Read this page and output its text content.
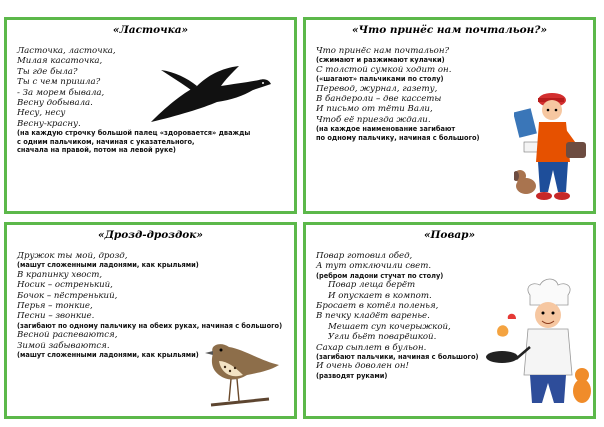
«Ласточка»
Ласточка, ласточка,
Милая касаточка,
Ты где была?
Ты с чем пришла?
- За морем бывала,
Весну добывала.
Несу, несу
Весну-красну.
(на каждую строчку большой палец «здоровается» дважды
с одним пальчиком, начиная с указательного,
сначала на правой, потом на левой руке)
«Что принёс нам почтальон?»
Что принёс нам почтальон?
(сжимают и разжимают кулачки)
С толстой сумкой ходит он.
(«шагают» пальчиками по столу)
Перевод, журнал, газету,
В бандероли – две кассеты
И письмо от тёти Вали,
Чтоб её приезда ждали.
(на каждое наименование загибают
по одному пальчику, начиная с большого)
«Дрозд-дроздок»
Дружок ты мой, дрозд,
(машут сложенными ладонями, как крыльями)
В крапинку хвост,
Носик – остренький,
Бочок – пёстренький,
Перья – тонкие,
Песни – звонкие.
(загибают по одному пальчику на обеих руках, начиная с большого)
Весной распеваются,
Зимой забываются.
(машут сложенными ладонями, как крыльями)
«Повар»
Повар готовил обед,
А тут отключили свет.
(ребром ладони стучат по столу)
Повар леща берёт
И опускает в компот.
Бросает в котёл поленья,
В печку кладёт варенье.
Мешает суп кочерыжкой,
Угли бьёт поварёшкой.
Сахар сыплет в бульон.
(загибают пальчики, начиная с большого)
И очень доволен он!
(разводят руками)
